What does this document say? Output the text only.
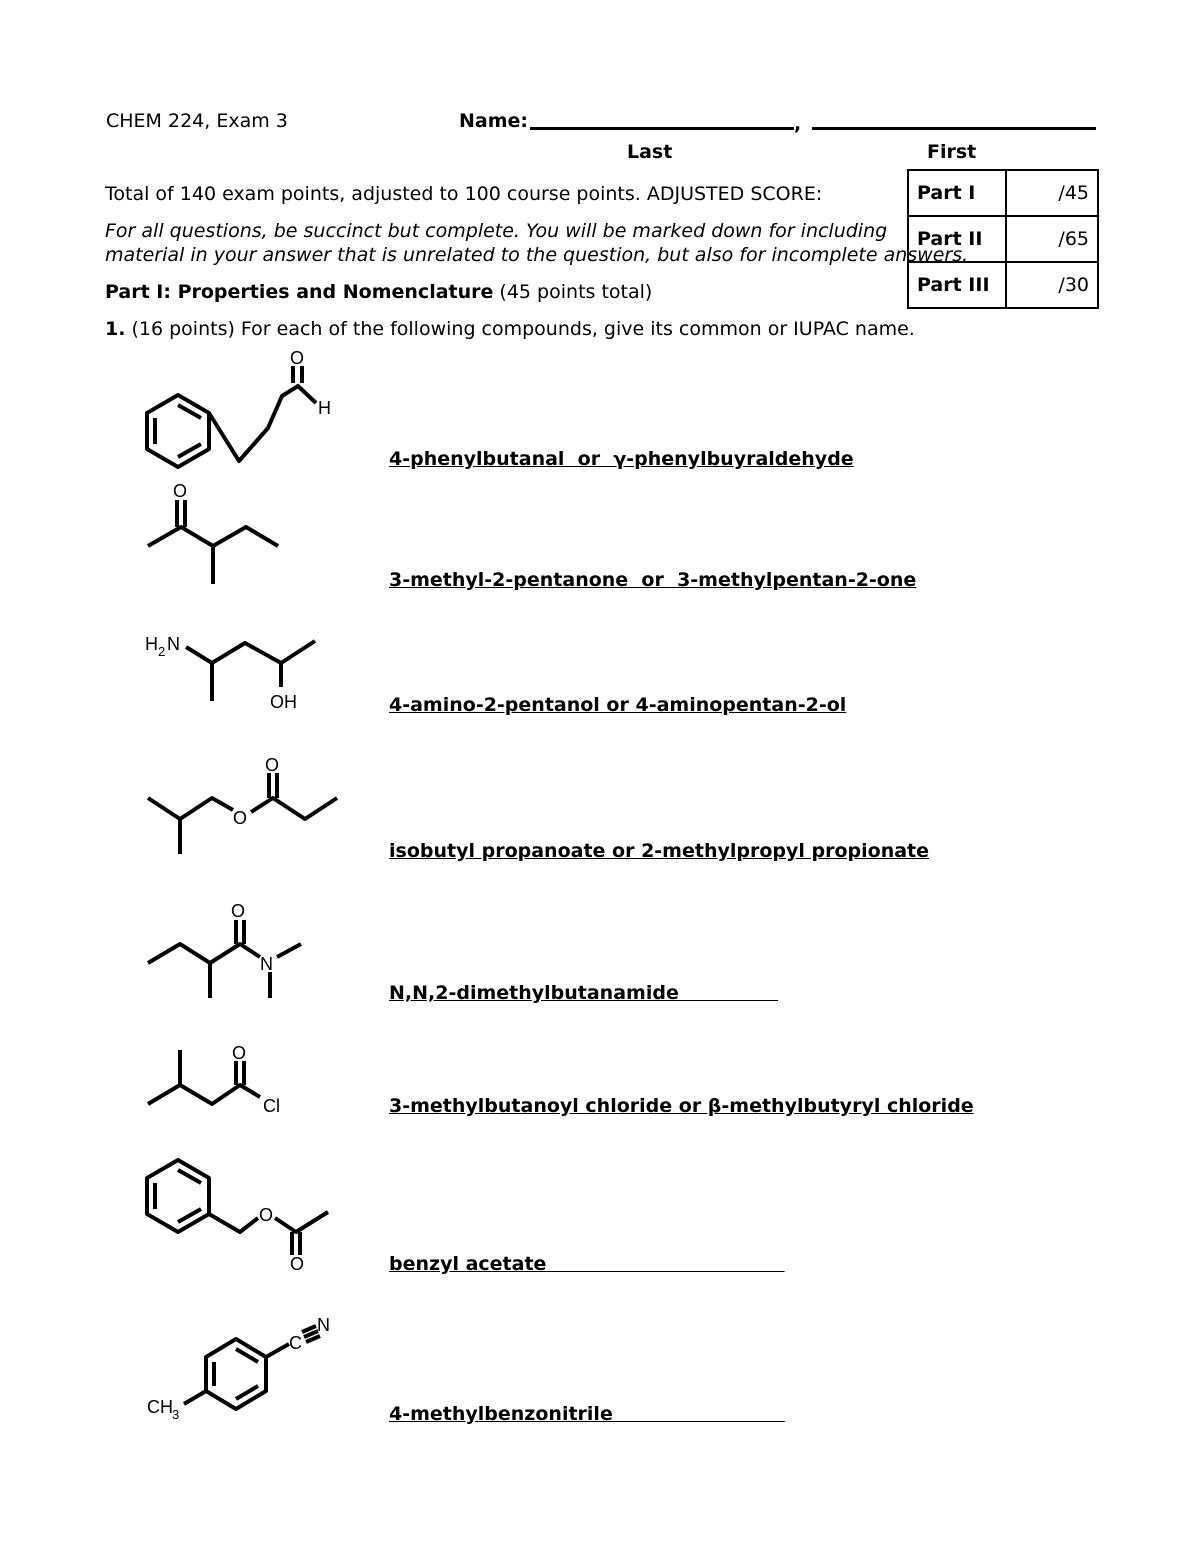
CHEM 224, Exam 3	Name:	,
Last	First
Total of 140 exam points, adjusted to 100 course points. ADJUSTED SCORE:
For all questions, be succinct but complete. You will be marked down for including
material in your answer that is unrelated to the question, but also for incomplete answers.
Part I	/45
Part II	/65
Part III	/30
Part I: Properties and Nomenclature (45 points total)
1. (16 points) For each of the following compounds, give its common or IUPAC name.
O
H
4-phenylbutanal  or  γ-phenylbuyraldehyde
O
3-methyl-2-pentanone  or  3-methylpentan-2-one
H 2 N
OH	4-amino-2-pentanol or 4-aminopentan-2-ol
O
O
isobutyl propanoate or 2-methylpropyl propionate
O
N
N,N,2-dimethylbutanamide
O
Cl	3-methylbutanoyl chloride or β-methylbutyryl chloride
O
O	benzyl acetate
C
N
CH 3	4-methylbenzonitrile
